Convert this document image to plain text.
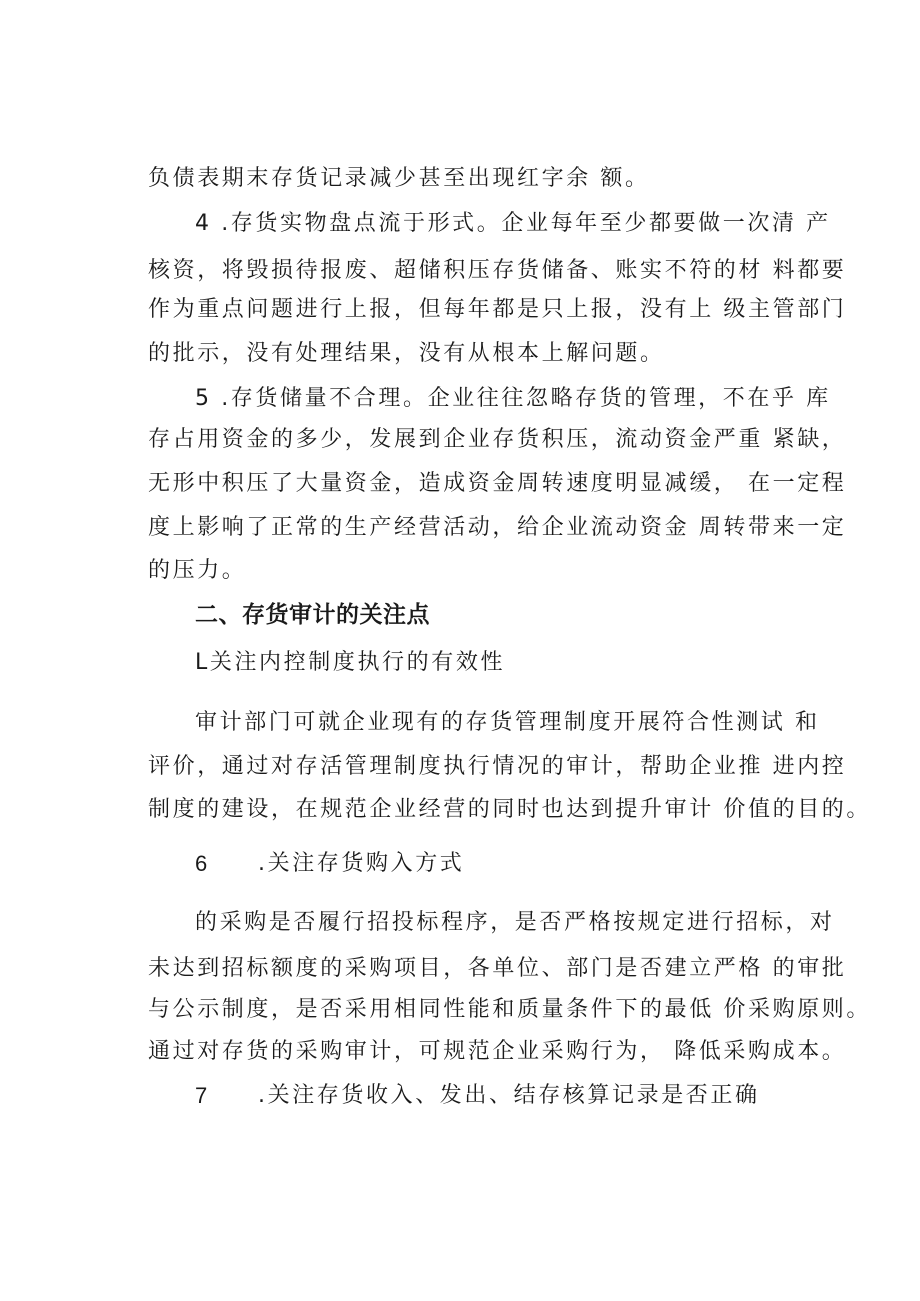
负债表期末存货记录减少甚至出现红字余 额。
4 .存货实物盘点流于形式。企业每年至少都要做一次清 产
核资，将毁损待报废、超储积压存货储备、账实不符的材 料都要
作为重点问题进行上报，但每年都是只上报，没有上 级主管部门
的批示，没有处理结果，没有从根本上解问题。
5 .存货储量不合理。企业往往忽略存货的管理，不在乎 库
存占用资金的多少，发展到企业存货积压，流动资金严重 紧缺，
无形中积压了大量资金，造成资金周转速度明显减缓， 在一定程
度上影响了正常的生产经营活动，给企业流动资金 周转带来一定
的压力。
二、存货审计的关注点
L关注内控制度执行的有效性
审计部门可就企业现有的存货管理制度开展符合性测试 和
评价，通过对存活管理制度执行情况的审计，帮助企业推 进内控
制度的建设，在规范企业经营的同时也达到提升审计 价值的目的。
6 .关注存货购入方式
的采购是否履行招投标程序，是否严格按规定进行招标，对
未达到招标额度的采购项目，各单位、部门是否建立严格 的审批
与公示制度，是否采用相同性能和质量条件下的最低 价采购原则。
通过对存货的采购审计，可规范企业采购行为， 降低采购成本。
7 .关注存货收入、发出、结存核算记录是否正确
